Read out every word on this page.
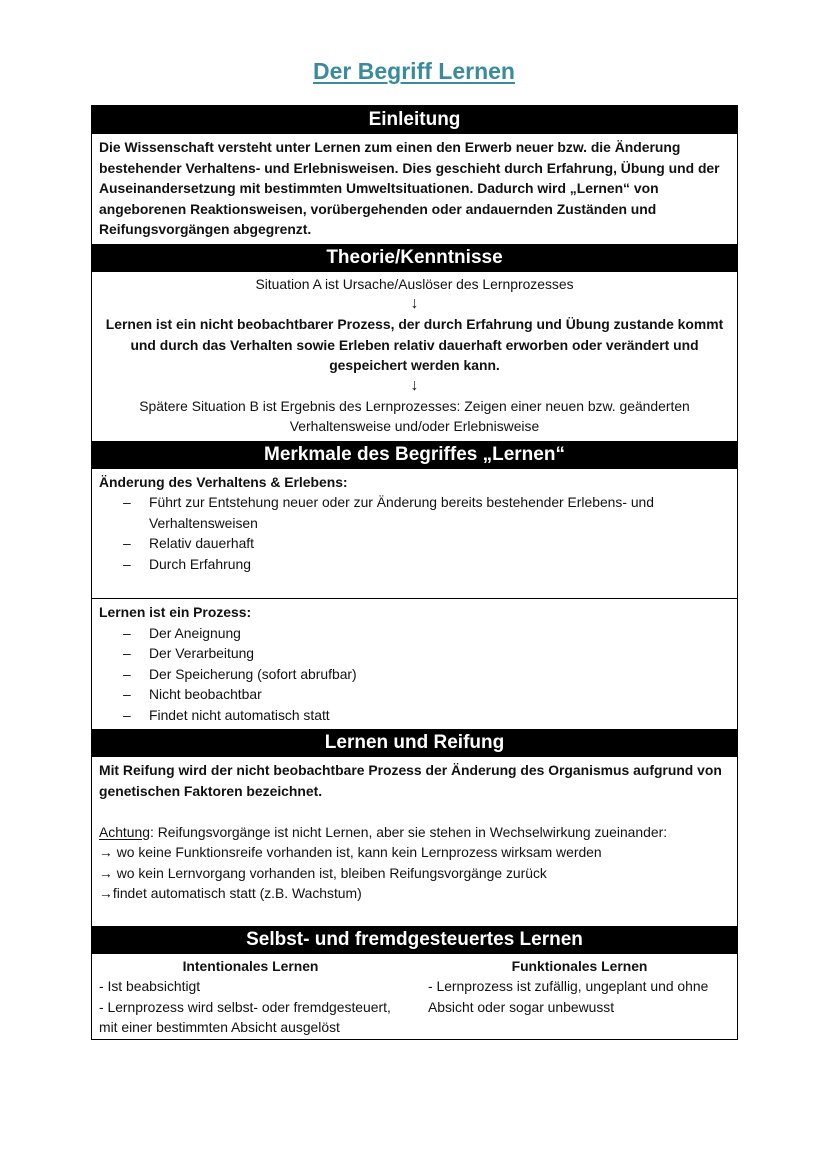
Der Begriff Lernen
Einleitung
Die Wissenschaft versteht unter Lernen zum einen den Erwerb neuer bzw. die Änderung bestehender Verhaltens- und Erlebnisweisen. Dies geschieht durch Erfahrung, Übung und der Auseinandersetzung mit bestimmten Umweltsituationen. Dadurch wird „Lernen“ von angeborenen Reaktionsweisen, vorübergehenden oder andauernden Zuständen und Reifungsvorgängen abgegrenzt.
Theorie/Kenntnisse
Situation A ist Ursache/Auslöser des Lernprozesses
↓
Lernen ist ein nicht beobachtbarer Prozess, der durch Erfahrung und Übung zustande kommt und durch das Verhalten sowie Erleben relativ dauerhaft erworben oder verändert und gespeichert werden kann.
↓
Spätere Situation B ist Ergebnis des Lernprozesses: Zeigen einer neuen bzw. geänderten Verhaltensweise und/oder Erlebnisweise
Merkmale des Begriffes „Lernen“
Änderung des Verhaltens & Erlebens:
– Führt zur Entstehung neuer oder zur Änderung bereits bestehender Erlebens- und Verhaltensweisen
– Relativ dauerhaft
– Durch Erfahrung
Lernen ist ein Prozess:
– Der Aneignung
– Der Verarbeitung
– Der Speicherung (sofort abrufbar)
– Nicht beobachtbar
– Findet nicht automatisch statt
Lernen und Reifung
Mit Reifung wird der nicht beobachtbare Prozess der Änderung des Organismus aufgrund von genetischen Faktoren bezeichnet.
Achtung: Reifungsvorgänge ist nicht Lernen, aber sie stehen in Wechselwirkung zueinander:
→ wo keine Funktionsreife vorhanden ist, kann kein Lernprozess wirksam werden
→ wo kein Lernvorgang vorhanden ist, bleiben Reifungsvorgänge zurück
→findet automatisch statt (z.B. Wachstum)
Selbst- und fremdgesteuertes Lernen
Intentionales Lernen
- Ist beabsichtigt
- Lernprozess wird selbst- oder fremdgesteuert, mit einer bestimmten Absicht ausgelöst
Funktionales Lernen
- Lernprozess ist zufällig, ungeplant und ohne Absicht oder sogar unbewusst
